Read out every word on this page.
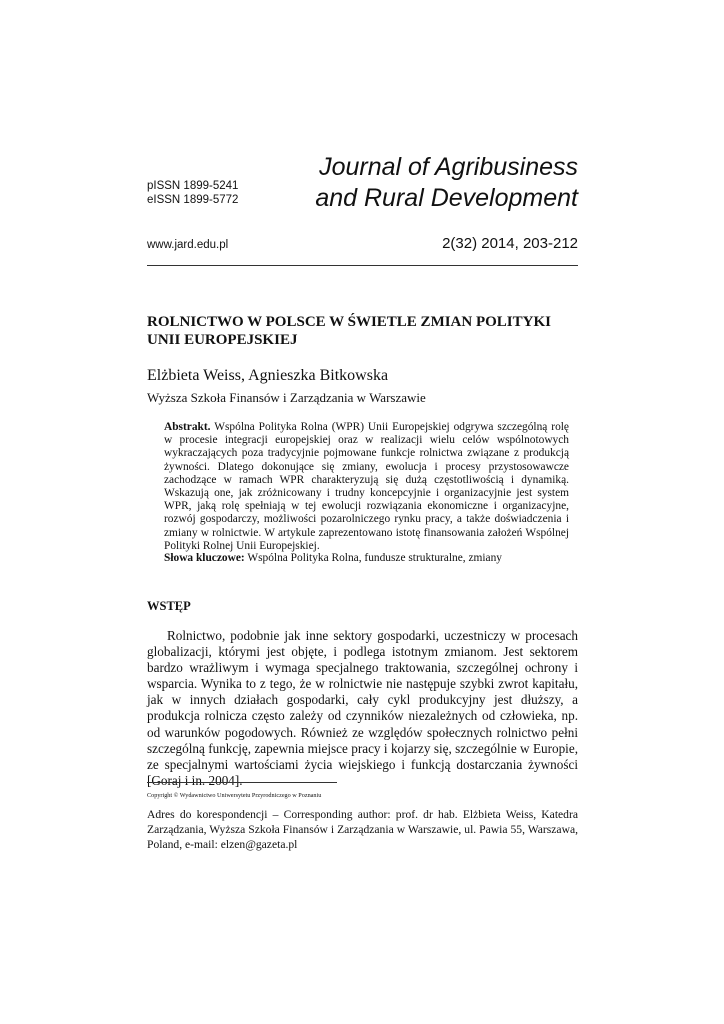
pISSN 1899-5241
eISSN 1899-5772
Journal of Agribusiness
and Rural Development
www.jard.edu.pl	2(32) 2014, 203-212
ROLNICTWO W POLSCE W ŚWIETLE ZMIAN POLITYKI UNII EUROPEJSKIEJ
Elżbieta Weiss, Agnieszka Bitkowska
Wyższa Szkoła Finansów i Zarządzania w Warszawie

Abstrakt. Wspólna Polityka Rolna (WPR) Unii Europejskiej odgrywa szczególną rolę w procesie integracji europejskiej oraz w realizacji wielu celów wspólnotowych wykraczających poza tradycyjnie pojmowane funkcje rolnictwa związane z produkcją żywności. Dlatego dokonujące się zmiany, ewolucja i procesy przystosowawcze zachodzące w ramach WPR charakteryzują się dużą częstotliwością i dynamiką. Wskazują one, jak zróżnicowany i trudny koncepcyjnie i organizacyjnie jest system WPR, jaką rolę spełniają w tej ewolucji rozwiązania ekonomiczne i organizacyjne, rozwój gospodarczy, możliwości pozarolniczego rynku pracy, a także doświadczenia i zmiany w rolnictwie. W artykule zaprezentowano istotę finansowania założeń Wspólnej Polityki Rolnej Unii Europejskiej.

Słowa kluczowe: Wspólna Polityka Rolna, fundusze strukturalne, zmiany

WSTĘP

Rolnictwo, podobnie jak inne sektory gospodarki, uczestniczy w procesach globalizacji, którymi jest objęte, i podlega istotnym zmianom. Jest sektorem bardzo wrażliwym i wymaga specjalnego traktowania, szczególnej ochrony i wsparcia. Wynika to z tego, że w rolnictwie nie następuje szybki zwrot kapitału, jak w innych działach gospodarki, cały cykl produkcyjny jest dłuższy, a produkcja rolnicza często zależy od czynników niezależnych od człowieka, np. od warunków pogodowych. Również ze względów społecznych rolnictwo pełni szczególną funkcję, zapewnia miejsce pracy i kojarzy się, szczególnie w Europie, ze specjalnymi wartościami życia wiejskiego i funkcją dostarczania żywności [Goraj i in. 2004].

Copyright © Wydawnictwo Uniwersytetu Przyrodniczego w Poznaniu

Adres do korespondencji – Corresponding author: prof. dr hab. Elżbieta Weiss, Katedra Zarządzania, Wyższa Szkoła Finansów i Zarządzania w Warszawie, ul. Pawia 55, Warszawa, Poland, e-mail: elzen@gazeta.pl
